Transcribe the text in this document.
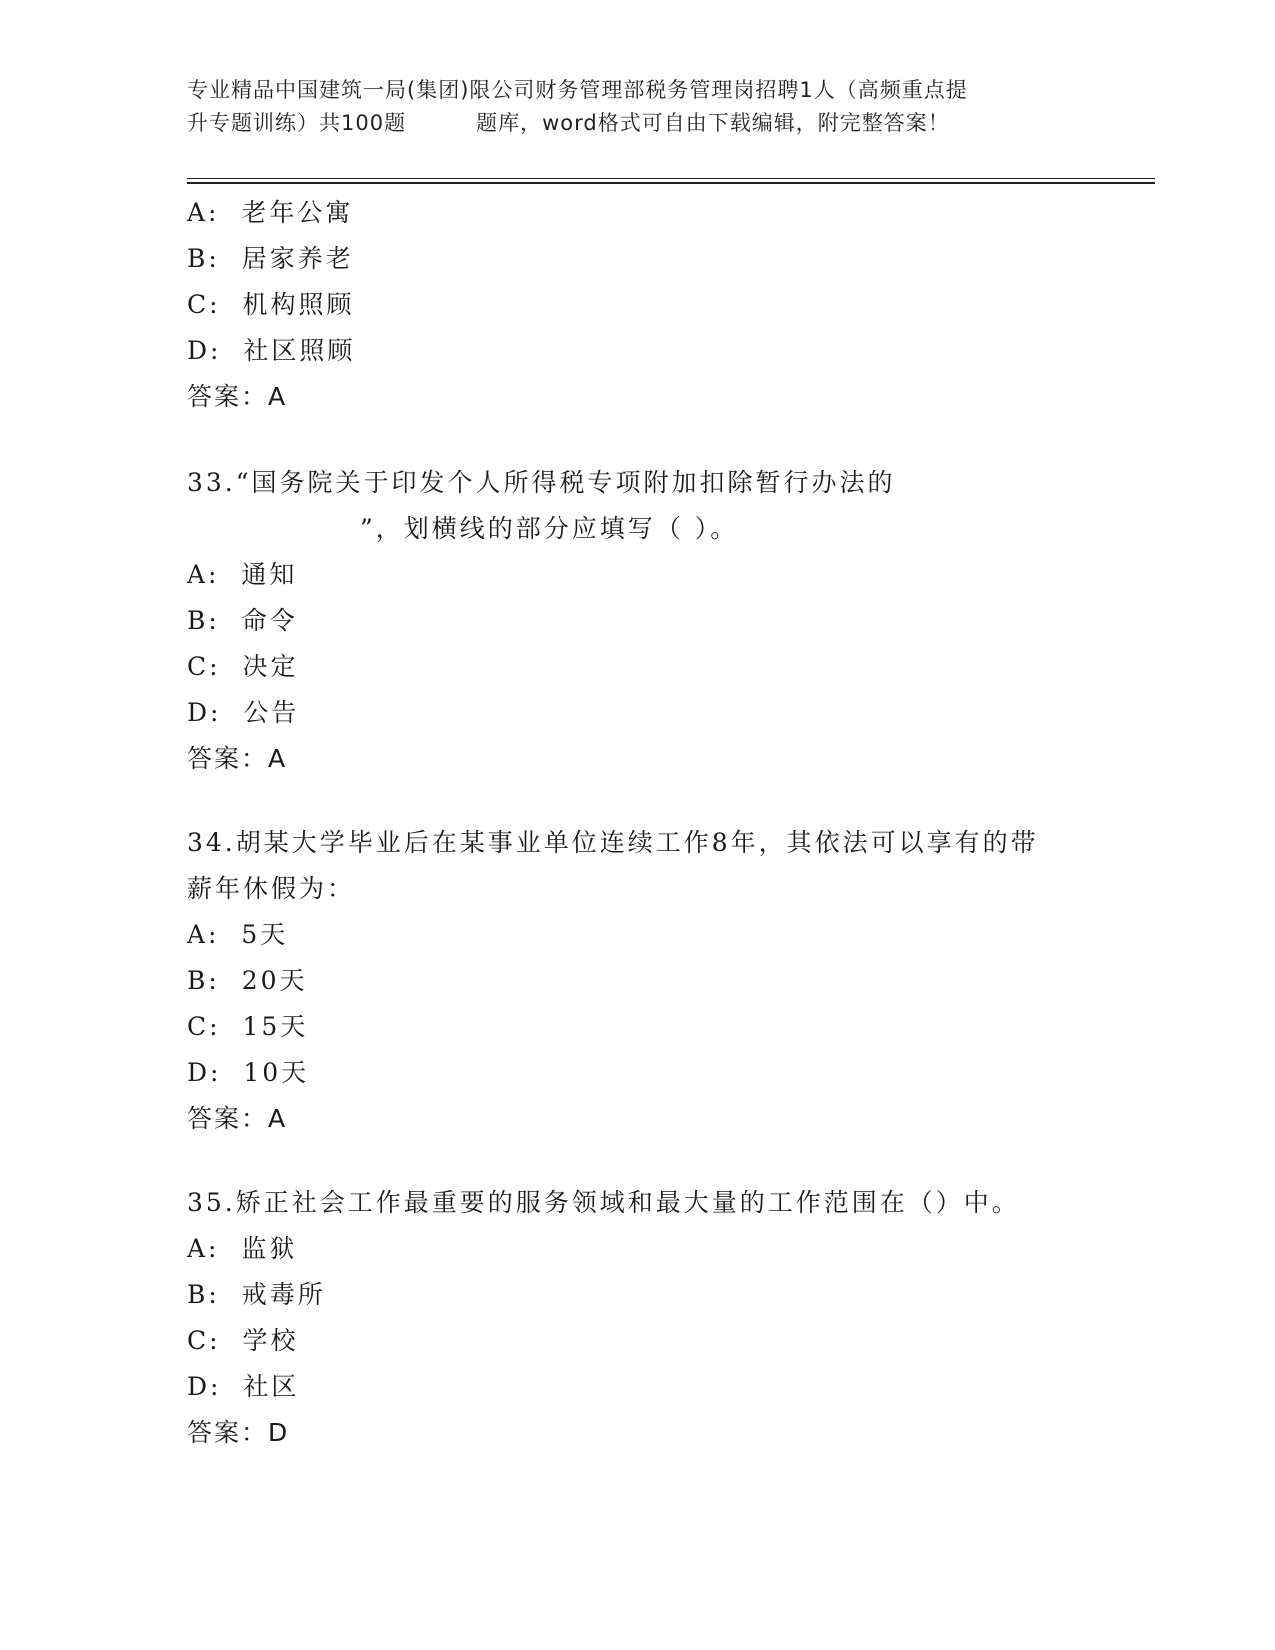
专业精品中国建筑一局(集团)限公司财务管理部税务管理岗招聘1人（高频重点提
升专题训练）共100题	题库，word格式可自由下载编辑，附完整答案！
A:  老年公寓
B:  居家养老
C:  机构照顾
D:  社区照顾
答案：A
33.“国务院关于印发个人所得税专项附加扣除暂行办法的
”，划横线的部分应填写（ ）。
A:  通知
B:  命令
C:  决定
D:  公告
答案：A
34.胡某大学毕业后在某事业单位连续工作8年，其依法可以享有的带
薪年休假为：
A:  5天
B:  20天
C:  15天
D:  10天
答案：A
35.矫正社会工作最重要的服务领域和最大量的工作范围在（）中。
A:  监狱
B:  戒毒所
C:  学校
D:  社区
答案：D
